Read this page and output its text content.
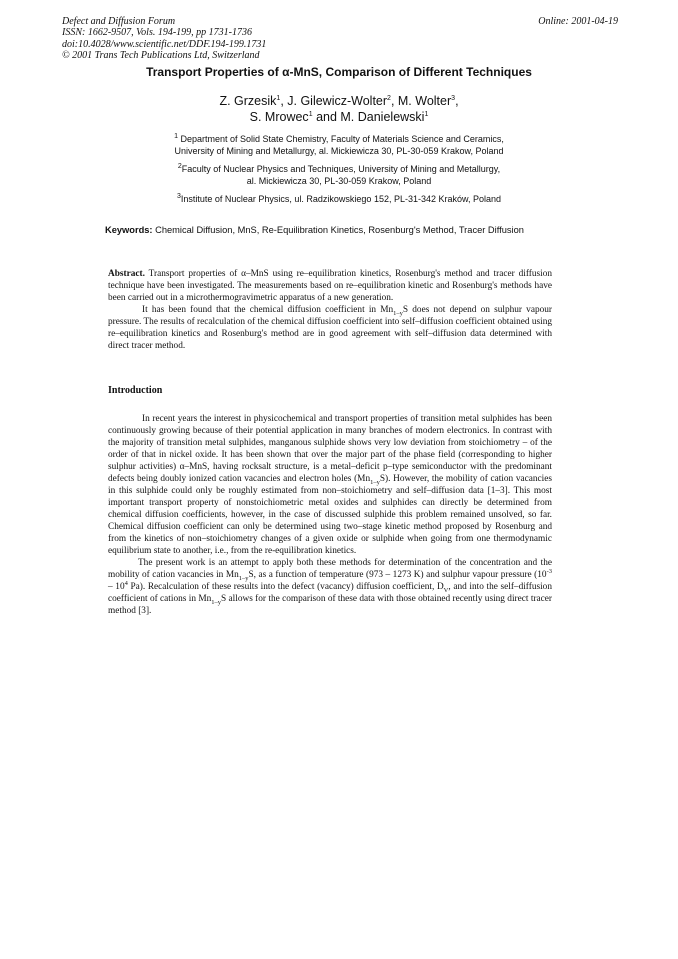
Defect and Diffusion Forum
ISSN: 1662-9507, Vols. 194-199, pp 1731-1736
doi:10.4028/www.scientific.net/DDF.194-199.1731
© 2001 Trans Tech Publications Ltd, Switzerland
Online: 2001-04-19
Transport Properties of α-MnS, Comparison of Different Techniques
Z. Grzesik$^1$, J. Gilewicz-Wolter$^2$, M. Wolter$^3$,
S. Mrowec$^1$ and M. Danielewski$^1$
$^1$ Department of Solid State Chemistry, Faculty of Materials Science and Ceramics,
University of Mining and Metallurgy, al. Mickiewicza 30, PL-30-059 Krakow, Poland
$^2$Faculty of Nuclear Physics and Techniques, University of Mining and Metallurgy,
al. Mickiewicza 30, PL-30-059 Krakow, Poland
$^3$Institute of Nuclear Physics, ul. Radzikowskiego 152, PL-31-342 Kraków, Poland
Keywords: Chemical Diffusion, MnS, Re-Equilibration Kinetics, Rosenburg's Method, Tracer Diffusion

Abstract. Transport properties of α–MnS using re–equilibration kinetics, Rosenburg's method and tracer diffusion technique have been investigated. The measurements based on re–equilibration kinetic and Rosenburg's methods have been carried out in a microthermogravimetric apparatus of a new generation.

It has been found that the chemical diffusion coefficient in $Mn_{1-y}S$ does not depend on sulphur vapour pressure. The results of recalculation of the chemical diffusion coefficient into self–diffusion coefficient obtained using re–equilibration kinetics and Rosenburg's method are in good agreement with self–diffusion data determined with direct tracer method.

Introduction

In recent years the interest in physicochemical and transport properties of transition metal sulphides has been continuously growing because of their potential application in many branches of modern electronics. In contrast with the majority of transition metal sulphides, manganous sulphide shows very low deviation from stoichiometry – of the order of that in nickel oxide. It has been shown that over the major part of the phase field (corresponding to higher sulphur activities) α–MnS, having rocksalt structure, is a metal–deficit p–type semiconductor with the predominant defects being doubly ionized cation vacancies and electron holes $(Mn_{1-y}S)$. However, the mobility of cation vacancies in this sulphide could only be roughly estimated from non–stoichiometry and self–diffusion data [1–3]. This most important transport property of nonstoichiometric metal oxides and sulphides can directly be determined from chemical diffusion coefficients, however, in the case of discussed sulphide this problem remained unsolved, so far. Chemical diffusion coefficient can only be determined using two–stage kinetic method proposed by Rosenburg and from the kinetics of non–stoichiometry changes of a given oxide or sulphide when going from one thermodynamic equilibrium state to another, i.e., from the re-equilibration kinetics.

The present work is an attempt to apply both these methods for determination of the concentration and the mobility of cation vacancies in $Mn_{1-y}S$, as a function of temperature (973 – 1273 K) and sulphur vapour pressure ($10^{-3} - 10^4$ Pa). Recalculation of these results into the defect (vacancy) diffusion coefficient, $D_V$, and into the self–diffusion coefficient of cations in $Mn_{1-y}S$ allows for the comparison of these data with those obtained recently using direct tracer method [3].
